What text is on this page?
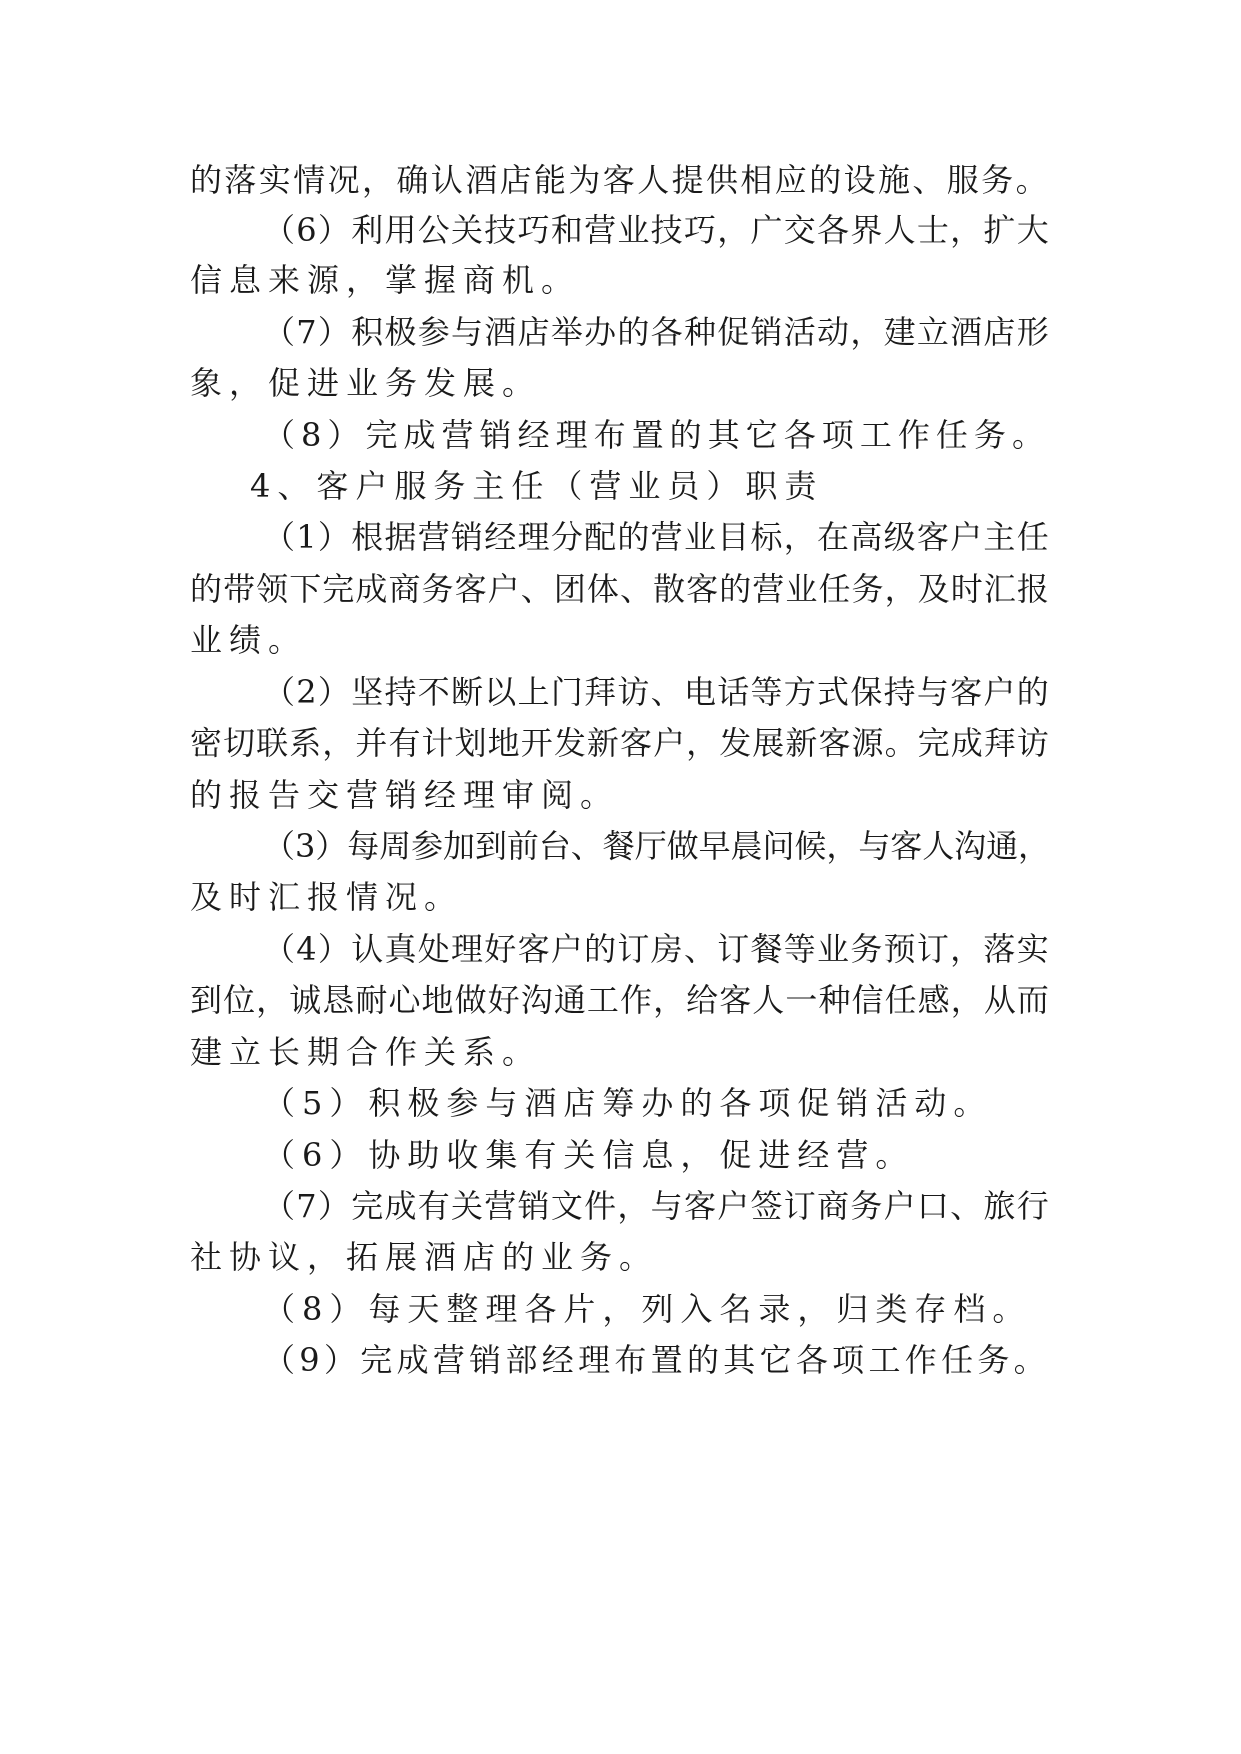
的落实情况，确认酒店能为客人提供相应的设施、服务。
（6）利用公关技巧和营业技巧，广交各界人士，扩大
信息来源，掌握商机。
（7）积极参与酒店举办的各种促销活动，建立酒店形
象，促进业务发展。
（8）完成营销经理布置的其它各项工作任务。
4、客户服务主任（营业员）职责
（1）根据营销经理分配的营业目标，在高级客户主任
的带领下完成商务客户、团体、散客的营业任务，及时汇报
业绩。
（2）坚持不断以上门拜访、电话等方式保持与客户的
密切联系，并有计划地开发新客户，发展新客源。完成拜访
的报告交营销经理审阅。
（3）每周参加到前台、餐厅做早晨问候，与客人沟通，
及时汇报情况。
（4）认真处理好客户的订房、订餐等业务预订，落实
到位，诚恳耐心地做好沟通工作，给客人一种信任感，从而
建立长期合作关系。
（5）积极参与酒店筹办的各项促销活动。
（6）协助收集有关信息，促进经营。
（7）完成有关营销文件，与客户签订商务户口、旅行
社协议，拓展酒店的业务。
（8）每天整理各片，列入名录，归类存档。
（9）完成营销部经理布置的其它各项工作任务。
